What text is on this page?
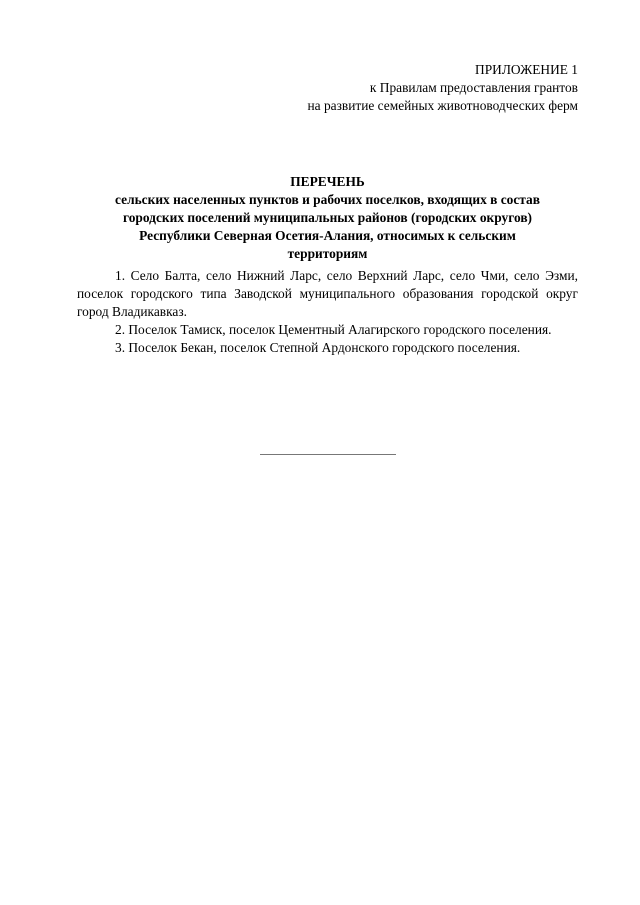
ПРИЛОЖЕНИЕ 1
к Правилам предоставления грантов
на развитие семейных животноводческих ферм
ПЕРЕЧЕНЬ
сельских населенных пунктов и рабочих поселков, входящих в состав
городских поселений муниципальных районов (городских округов)
Республики Северная Осетия-Алания, относимых к сельским
территориям

1. Село Балта, село Нижний Ларс, село Верхний Ларс, село Чми, село Эзми, поселок городского типа Заводской муниципального образования городской округ город Владикавказ.

2. Поселок Тамиск, поселок Цементный Алагирского городского поселения.

3. Поселок Бекан, поселок Степной Ардонского городского поселения.
